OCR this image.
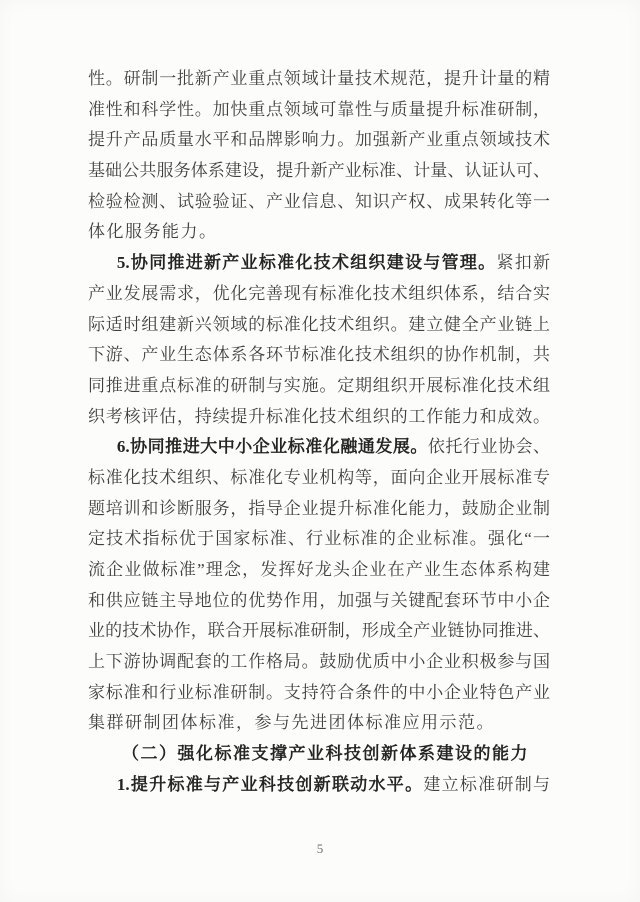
性。研制一批新产业重点领域计量技术规范，提升计量的精
准性和科学性。加快重点领域可靠性与质量提升标准研制，
提升产品质量水平和品牌影响力。加强新产业重点领域技术
基础公共服务体系建设，提升新产业标准、计量、认证认可、
检验检测、试验验证、产业信息、知识产权、成果转化等一
体化服务能力。
5.协同推进新产业标准化技术组织建设与管理。紧扣新
产业发展需求，优化完善现有标准化技术组织体系，结合实
际适时组建新兴领域的标准化技术组织。建立健全产业链上
下游、产业生态体系各环节标准化技术组织的协作机制，共
同推进重点标准的研制与实施。定期组织开展标准化技术组
织考核评估，持续提升标准化技术组织的工作能力和成效。
6.协同推进大中小企业标准化融通发展。依托行业协会、
标准化技术组织、标准化专业机构等，面向企业开展标准专
题培训和诊断服务，指导企业提升标准化能力，鼓励企业制
定技术指标优于国家标准、行业标准的企业标准。强化“一
流企业做标准”理念，发挥好龙头企业在产业生态体系构建
和供应链主导地位的优势作用，加强与关键配套环节中小企
业的技术协作，联合开展标准研制，形成全产业链协同推进、
上下游协调配套的工作格局。鼓励优质中小企业积极参与国
家标准和行业标准研制。支持符合条件的中小企业特色产业
集群研制团体标准，参与先进团体标准应用示范。
（二）强化标准支撑产业科技创新体系建设的能力
1.提升标准与产业科技创新联动水平。建立标准研制与
5
